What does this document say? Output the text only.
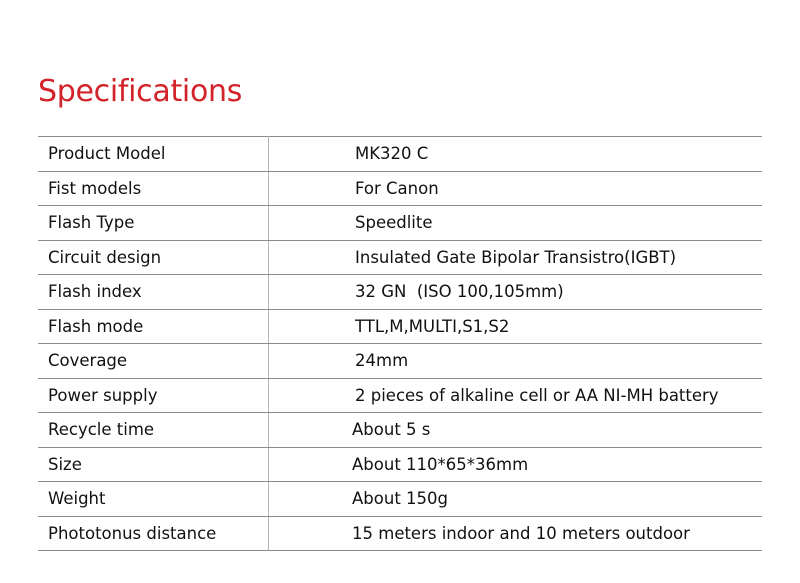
Specifications
Product Model	MK320 C
Fist models	For Canon
Flash Type	Speedlite
Circuit design	Insulated Gate Bipolar Transistro(IGBT)
Flash index	32 GN  (ISO 100,105mm)
Flash mode	TTL,M,MULTI,S1,S2
Coverage	24mm
Power supply	2 pieces of alkaline cell or AA NI-MH battery
Recycle time	About 5 s
Size	About 110*65*36mm
Weight	About 150g
Phototonus distance	15 meters indoor and 10 meters outdoor
